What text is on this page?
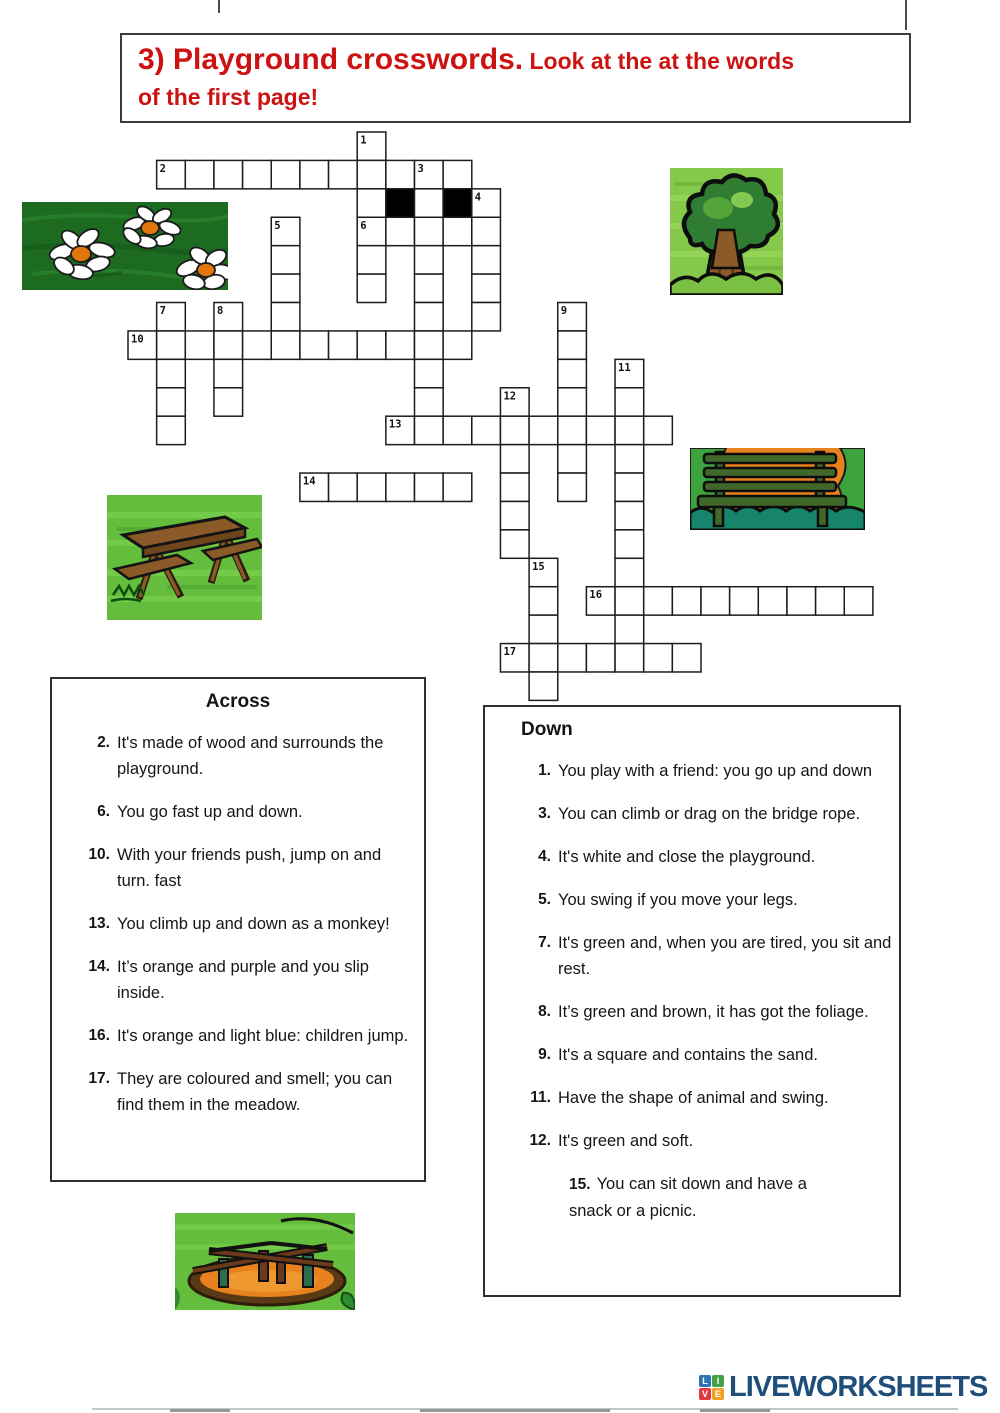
3) Playground crosswords. Look at the at the words
of the first page!
1
2	3
4
5	6
7	8	9
10
11
12
13
14
15
16
17
Across
2. It's made of wood and surrounds the playground.
6. You go fast up and down.
10. With your friends push, jump on and turn. fast
13. You climb up and down as a monkey!
14. It’s orange and purple and you slip inside.
16. It's orange and light blue: children jump.
17. They are coloured and smell; you can find them in the meadow.
Down
1. You play with a friend: you go up and down
3. You can climb or drag on the bridge rope.
4. It's white and close the playground.
5. You swing if you move your legs.
7. It's green and, when you are tired, you sit and rest.
8. It’s green and brown, it has got the foliage.
9. It's a square and contains the sand.
11. Have the shape of animal and swing.
12. It's green and soft.
15. You can sit down and have a snack or a picnic.
L I
V E LIVEWORKSHEETS
